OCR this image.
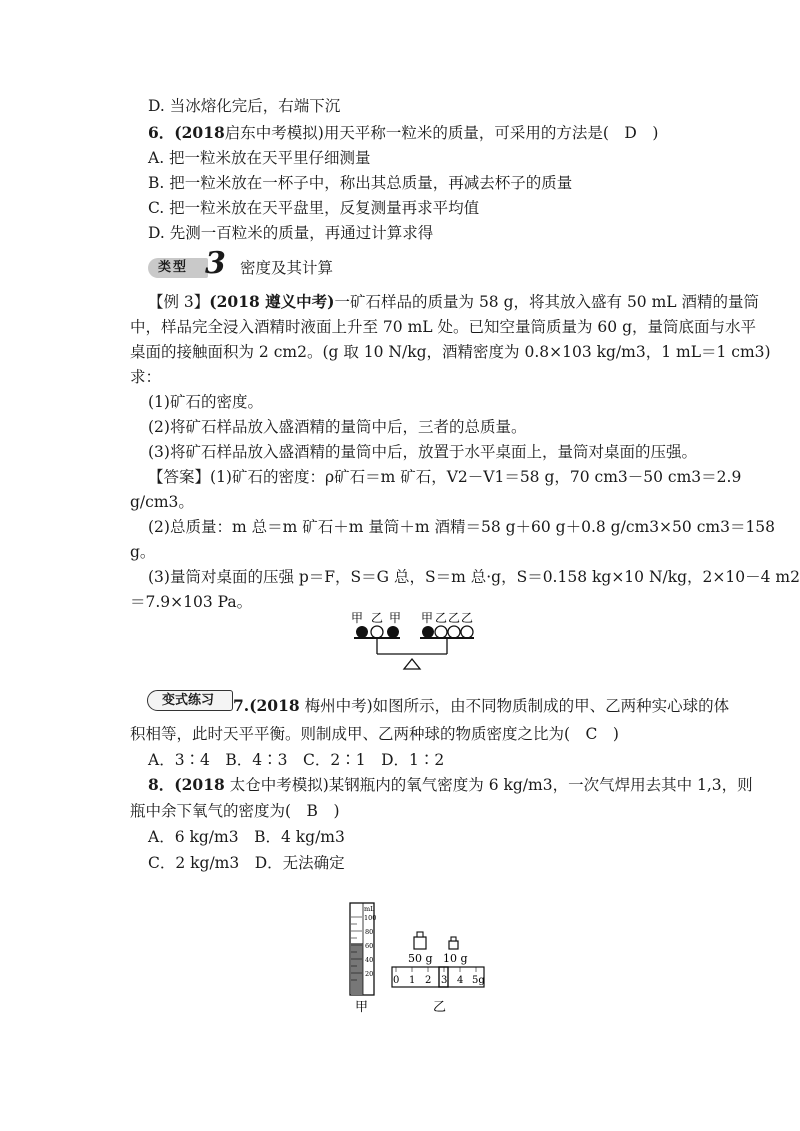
D. 当冰熔化完后，右端下沉
6．(2018启东中考模拟)用天平称一粒米的质量，可采用的方法是(　D　)
A. 把一粒米放在天平里仔细测量
B. 把一粒米放在一杯子中，称出其总质量，再减去杯子的质量
C. 把一粒米放在天平盘里，反复测量再求平均值
D. 先测一百粒米的质量，再通过计算求得
类型 3 密度及其计算
【例 3】(2018 遵义中考)一矿石样品的质量为 58 g，将其放入盛有 50 mL 酒精的量筒
中，样品完全浸入酒精时液面上升至 70 mL 处。已知空量筒质量为 60 g，量筒底面与水平
桌面的接触面积为 2 cm2。(g 取 10 N/kg，酒精密度为 0.8×103 kg/m3，1 mL＝1 cm3)
求：
(1)矿石的密度。
(2)将矿石样品放入盛酒精的量筒中后，三者的总质量。
(3)将矿石样品放入盛酒精的量筒中后，放置于水平桌面上，量筒对桌面的压强。
【答案】(1)矿石的密度：ρ矿石＝m 矿石，V2－V1＝58 g，70 cm3－50 cm3＝2.9
g/cm3。
(2)总质量：m 总＝m 矿石＋m 量筒＋m 酒精＝58 g＋60 g＋0.8 g/cm3×50 cm3＝158
g。
(3)量筒对桌面的压强 p＝F，S＝G 总，S＝m 总·g，S＝0.158 kg×10 N/kg，2×10－4 m2
＝7.9×103 Pa。
甲 乙 甲 甲 乙 乙 乙
变式练习 7.(2018 梅州中考)如图所示，由不同物质制成的甲、乙两种实心球的体
积相等，此时天平平衡。则制成甲、乙两种球的物质密度之比为(　C　)
A．3∶4　B．4∶3　C．2∶1　D．1∶2
8．(2018 太仓中考模拟)某钢瓶内的氧气密度为 6 kg/m3，一次气焊用去其中 1,3，则
瓶中余下氧气的密度为(　B　)
A．6 kg/m3　B．4 kg/m3
C．2 kg/m3　D．无法确定
mL
100
80
60
40
20
甲
50 g 10 g
0 1 2 3 4 5g
乙
